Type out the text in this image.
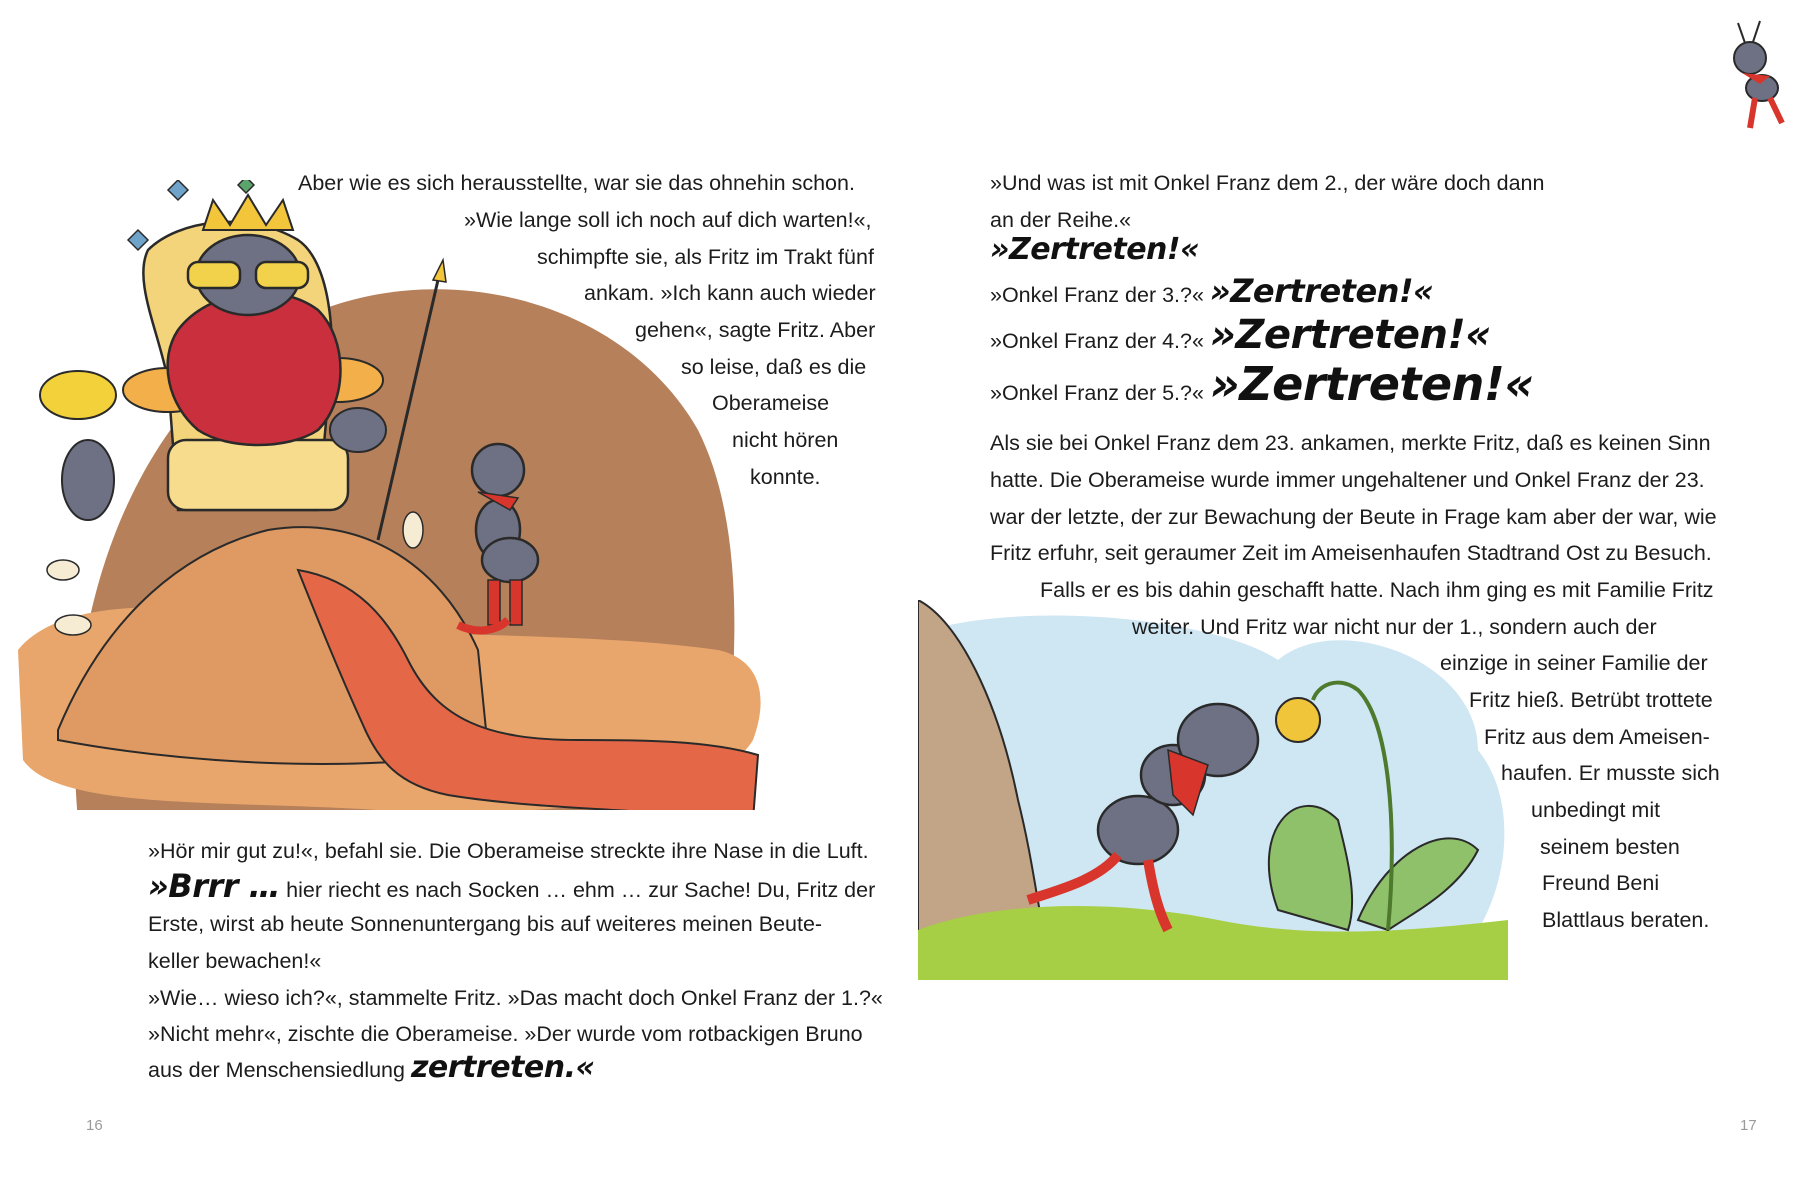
Aber wie es sich herausstellte, war sie das ohnehin schon.
»Wie lange soll ich noch auf dich warten!«,
schimpfte sie, als Fritz im Trakt fünf
ankam. »Ich kann auch wieder
gehen«, sagte Fritz. Aber
so leise, daß es die
Oberameise
nicht hören
konnte.
»Hör mir gut zu!«, befahl sie. Die Oberameise streckte ihre Nase in die Luft.
»Brrr … hier riecht es nach Socken … ehm … zur Sache! Du, Fritz der
Erste, wirst ab heute Sonnenuntergang bis auf weiteres meinen Beute-
keller bewachen!«
»Wie… wieso ich?«, stammelte Fritz. »Das macht doch Onkel Franz der 1.?«
»Nicht mehr«, zischte die Oberameise. »Der wurde vom rotbackigen Bruno
aus der Menschensiedlung zertreten.«
16
»Und was ist mit Onkel Franz dem 2., der wäre doch dann
an der Reihe.«
»Zertreten!«
»Onkel Franz der 3.?« »Zertreten!«
»Onkel Franz der 4.?« »Zertreten!«
»Onkel Franz der 5.?« »Zertreten!«
Als sie bei Onkel Franz dem 23. ankamen, merkte Fritz, daß es keinen Sinn
hatte. Die Oberameise wurde immer ungehaltener und Onkel Franz der 23.
war der letzte, der zur Bewachung der Beute in Frage kam aber der war, wie
Fritz erfuhr, seit geraumer Zeit im Ameisenhaufen Stadtrand Ost zu Besuch.
Falls er es bis dahin geschafft hatte. Nach ihm ging es mit Familie Fritz
weiter. Und Fritz war nicht nur der 1., sondern auch der
einzige in seiner Familie der
Fritz hieß. Betrübt trottete
Fritz aus dem Ameisen-
haufen. Er musste sich
unbedingt mit
seinem besten
Freund Beni
Blattlaus beraten.
17
